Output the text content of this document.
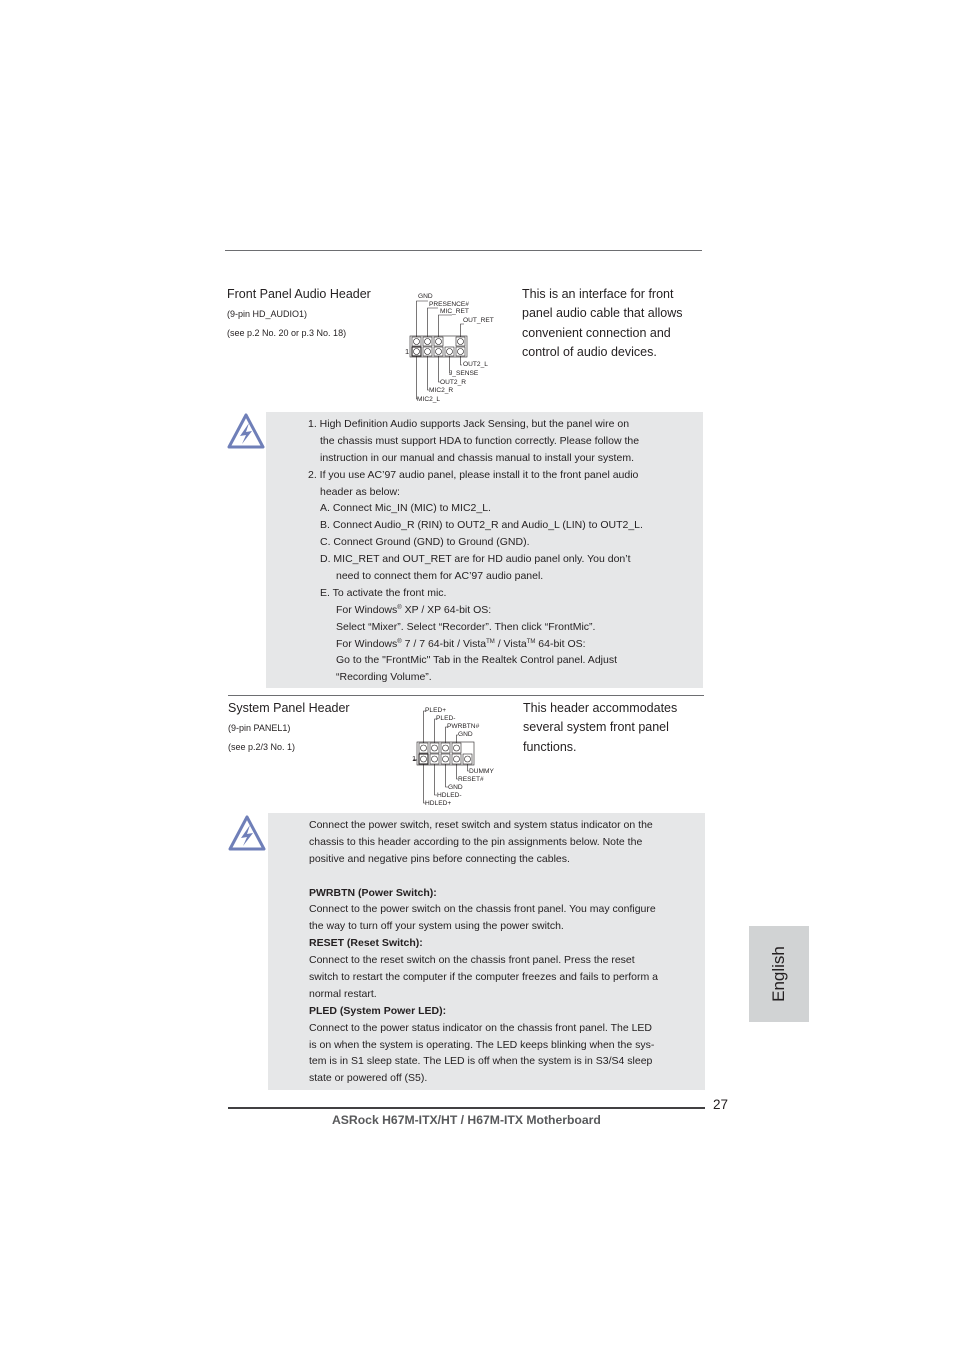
Front Panel Audio Header
(9-pin HD_AUDIO1)
(see p.2 No. 20 or p.3 No. 18)
This is an interface for front
panel audio cable that allows
convenient connection and
control of audio devices.
GND
PRESENCE#
MIC_RET
OUT_RET
OUT2_L
J_SENSE
OUT2_R
MIC2_R
MIC2_L
1
1. High Definition Audio supports Jack Sensing, but the panel wire on
the chassis must support HDA to function correctly. Please follow the
instruction in our manual and chassis manual to install your system.
2. If you use AC’97 audio panel, please install it to the front panel audio
header as below:
A. Connect Mic_IN (MIC) to MIC2_L.
B. Connect Audio_R (RIN) to OUT2_R and Audio_L (LIN) to OUT2_L.
C. Connect Ground (GND) to Ground (GND).
D. MIC_RET and OUT_RET are for HD audio panel only. You don’t
need to connect them for AC’97 audio panel.
E. To activate the front mic.
For Windows® XP / XP 64-bit OS:
Select “Mixer”. Select “Recorder”. Then click “FrontMic”.
For Windows® 7 / 7 64-bit / Vista™ / Vista™ 64-bit OS:
Go to the "FrontMic" Tab in the Realtek Control panel. Adjust
“Recording Volume”.
System Panel Header
(9-pin PANEL1)
(see p.2/3 No. 1)
This header accommodates
several system front panel
functions.
PLED+
PLED-
PWRBTN#
GND
DUMMY
RESET#
GND
HDLED-
HDLED+
1
Connect the power switch, reset switch and system status indicator on the
chassis to this header according to the pin assignments below. Note the
positive and negative pins before connecting the cables.
PWRBTN (Power Switch):
Connect to the power switch on the chassis front panel. You may configure
the way to turn off your system using the power switch.
RESET (Reset Switch):
Connect to the reset switch on the chassis front panel. Press the reset
switch to restart the computer if the computer freezes and fails to perform a
normal restart.
PLED (System Power LED):
Connect to the power status indicator on the chassis front panel. The LED
is on when the system is operating. The LED keeps blinking when the sys-
tem is in S1 sleep state. The LED is off when the system is in S3/S4 sleep
state or powered off (S5).
English
27
ASRock H67M-ITX/HT / H67M-ITX Motherboard
